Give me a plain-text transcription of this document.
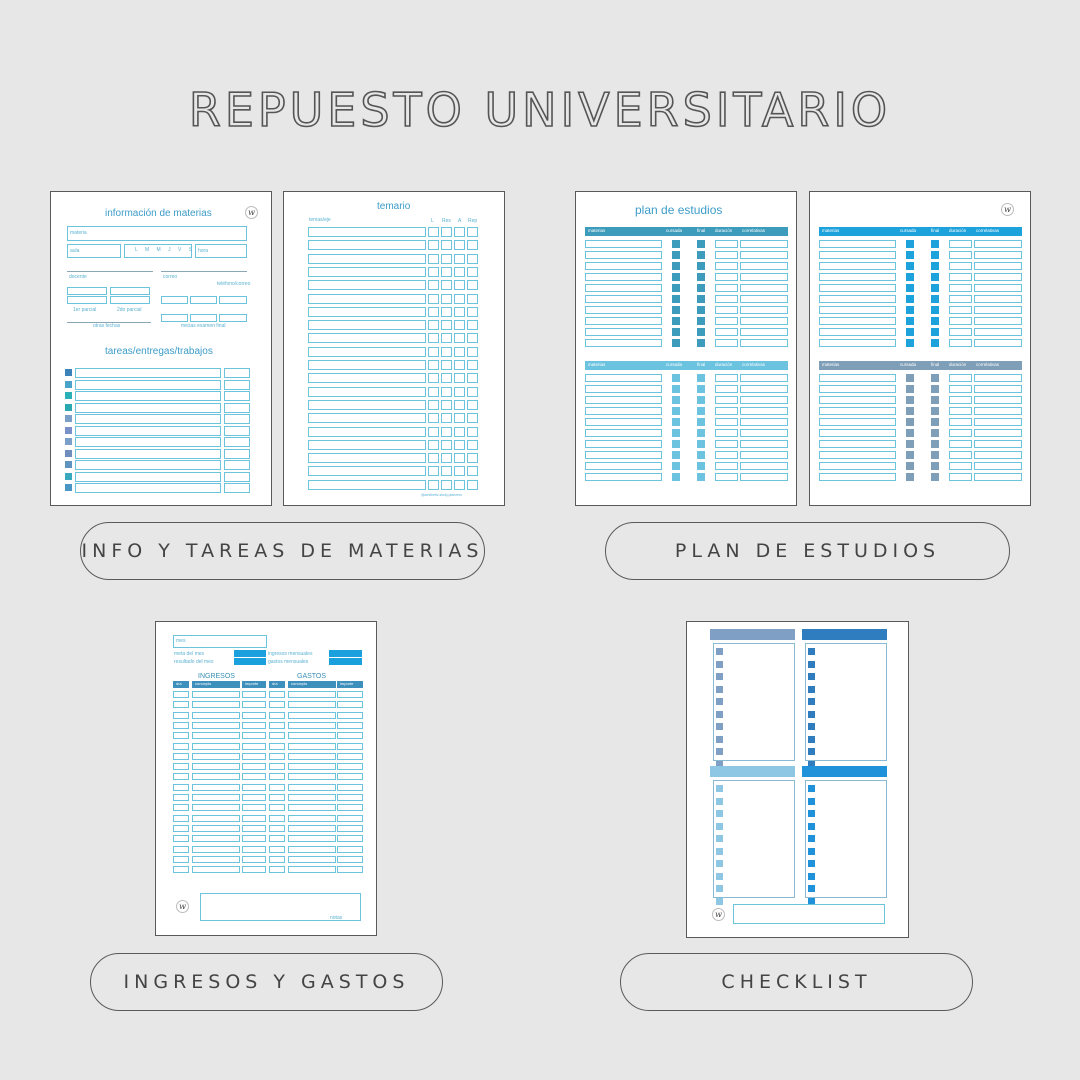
REPUESTO UNIVERSITARIO
w
información de materias
materia
aula	L M M J V S hora
docente	correo
teléfono/correo
1er parcial	2do parcial
otras fechas	mesas examen final
tareas/entregas/trabajos
temario
temas/eje	L Res A Rep
@aesthetic.study.planners
plan de estudios
materias	cursada	final duración correlativas
materias	cursada	final duración correlativas
w
materias	cursada	final duración correlativas
materias	cursada	final duración correlativas
INFO Y TAREAS DE MATERIAS	PLAN DE ESTUDIOS
mes
meta del mes
resultado del mes
ingresos mensuales
gastos mensuales
INGRESOS	GASTOS
día	concepto	importe	día	concepto	importe
w
notas	w
INGRESOS Y GASTOS	CHECKLIST
